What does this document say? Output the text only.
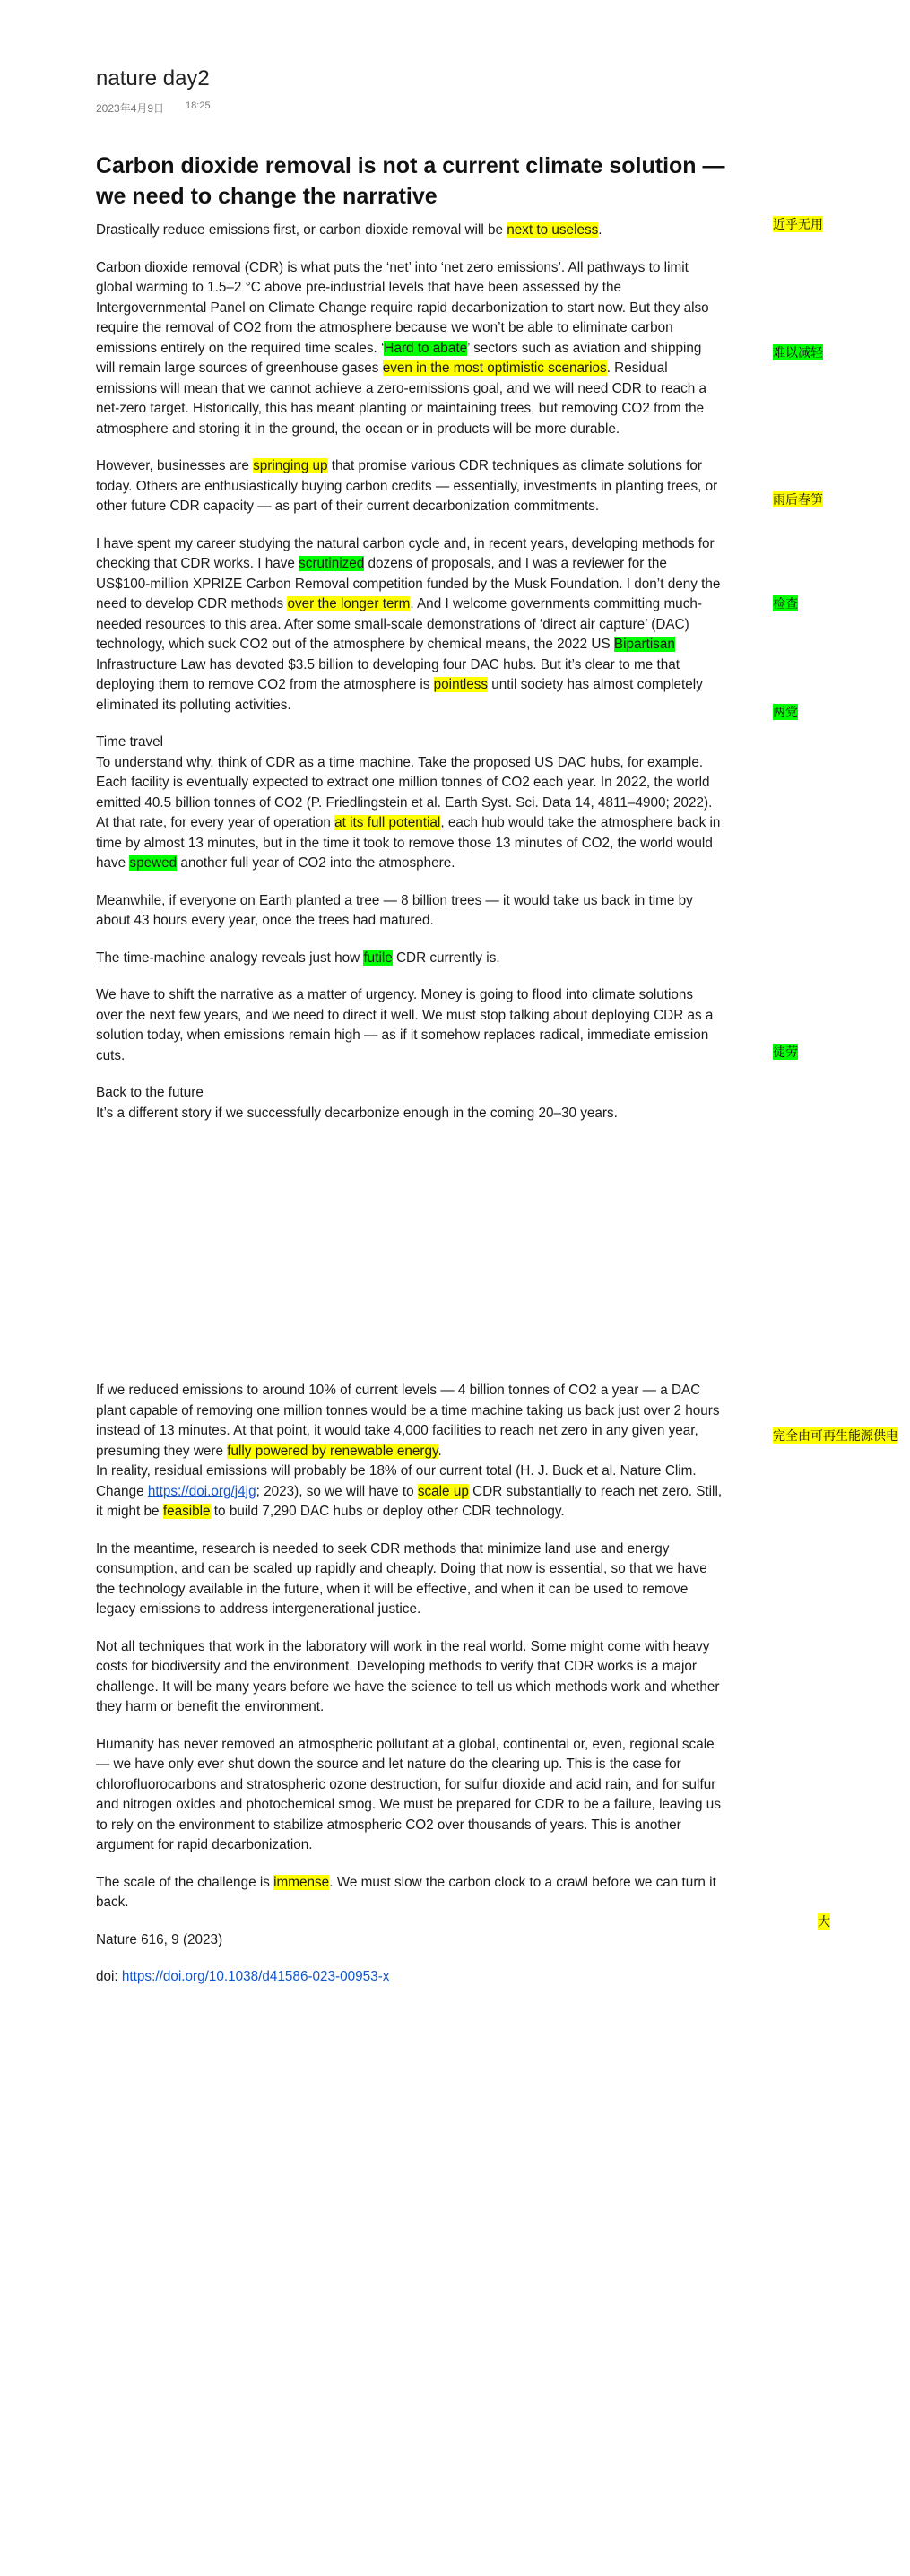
nature day2
2023年4月9日 18:25
Carbon dioxide removal is not a current climate solution — we need to change the narrative

Drastically reduce emissions first, or carbon dioxide removal will be next to useless.

Carbon dioxide removal (CDR) is what puts the ‘net’ into ‘net zero emissions’. All pathways to limit global warming to 1.5–2 °C above pre-industrial levels that have been assessed by the Intergovernmental Panel on Climate Change require rapid decarbonization to start now. But they also require the removal of CO2 from the atmosphere because we won’t be able to eliminate carbon emissions entirely on the required time scales. ‘Hard to abate’ sectors such as aviation and shipping will remain large sources of greenhouse gases even in the most optimistic scenarios. Residual emissions will mean that we cannot achieve a zero-emissions goal, and we will need CDR to reach a net-zero target. Historically, this has meant planting or maintaining trees, but removing CO2 from the atmosphere and storing it in the ground, the ocean or in products will be more durable.

However, businesses are springing up that promise various CDR techniques as climate solutions for today. Others are enthusiastically buying carbon credits — essentially, investments in planting trees, or other future CDR capacity — as part of their current decarbonization commitments.

I have spent my career studying the natural carbon cycle and, in recent years, developing methods for checking that CDR works. I have scrutinized dozens of proposals, and I was a reviewer for the US$100-million XPRIZE Carbon Removal competition funded by the Musk Foundation. I don’t deny the need to develop CDR methods over the longer term. And I welcome governments committing much-needed resources to this area. After some small-scale demonstrations of ‘direct air capture’ (DAC) technology, which suck CO2 out of the atmosphere by chemical means, the 2022 US Bipartisan Infrastructure Law has devoted $3.5 billion to developing four DAC hubs. But it’s clear to me that deploying them to remove CO2 from the atmosphere is pointless until society has almost completely eliminated its polluting activities.

Time travel
To understand why, think of CDR as a time machine. Take the proposed US DAC hubs, for example. Each facility is eventually expected to extract one million tonnes of CO2 each year. In 2022, the world emitted 40.5 billion tonnes of CO2 (P. Friedlingstein et al. Earth Syst. Sci. Data 14, 4811–4900; 2022). At that rate, for every year of operation at its full potential, each hub would take the atmosphere back in time by almost 13 minutes, but in the time it took to remove those 13 minutes of CO2, the world would have spewed another full year of CO2 into the atmosphere.

Meanwhile, if everyone on Earth planted a tree — 8 billion trees — it would take us back in time by about 43 hours every year, once the trees had matured.

The time-machine analogy reveals just how futile CDR currently is.

We have to shift the narrative as a matter of urgency. Money is going to flood into climate solutions over the next few years, and we need to direct it well. We must stop talking about deploying CDR as a solution today, when emissions remain high — as if it somehow replaces radical, immediate emission cuts.

Back to the future
It’s a different story if we successfully decarbonize enough in the coming 20–30 years.

If we reduced emissions to around 10% of current levels — 4 billion tonnes of CO2 a year — a DAC plant capable of removing one million tonnes would be a time machine taking us back just over 2 hours instead of 13 minutes. At that point, it would take 4,000 facilities to reach net zero in any given year, presuming they were fully powered by renewable energy.
In reality, residual emissions will probably be 18% of our current total (H. J. Buck et al. Nature Clim. Change https://doi.org/j4jg; 2023), so we will have to scale up CDR substantially to reach net zero. Still, it might be feasible to build 7,290 DAC hubs or deploy other CDR technology.

In the meantime, research is needed to seek CDR methods that minimize land use and energy consumption, and can be scaled up rapidly and cheaply. Doing that now is essential, so that we have the technology available in the future, when it will be effective, and when it can be used to remove legacy emissions to address intergenerational justice.

Not all techniques that work in the laboratory will work in the real world. Some might come with heavy costs for biodiversity and the environment. Developing methods to verify that CDR works is a major challenge. It will be many years before we have the science to tell us which methods work and whether they harm or benefit the environment.

Humanity has never removed an atmospheric pollutant at a global, continental or, even, regional scale — we have only ever shut down the source and let nature do the clearing up. This is the case for chlorofluorocarbons and stratospheric ozone destruction, for sulfur dioxide and acid rain, and for sulfur and nitrogen oxides and photochemical smog. We must be prepared for CDR to be a failure, leaving us to rely on the environment to stabilize atmospheric CO2 over thousands of years. This is another argument for rapid decarbonization.

The scale of the challenge is immense. We must slow the carbon clock to a crawl before we can turn it back.

Nature 616, 9 (2023)

doi: https://doi.org/10.1038/d41586-023-00953-x

近乎无用
难以减轻
雨后春笋
检查
两党
徒劳
完全由可再生能源供电
大
